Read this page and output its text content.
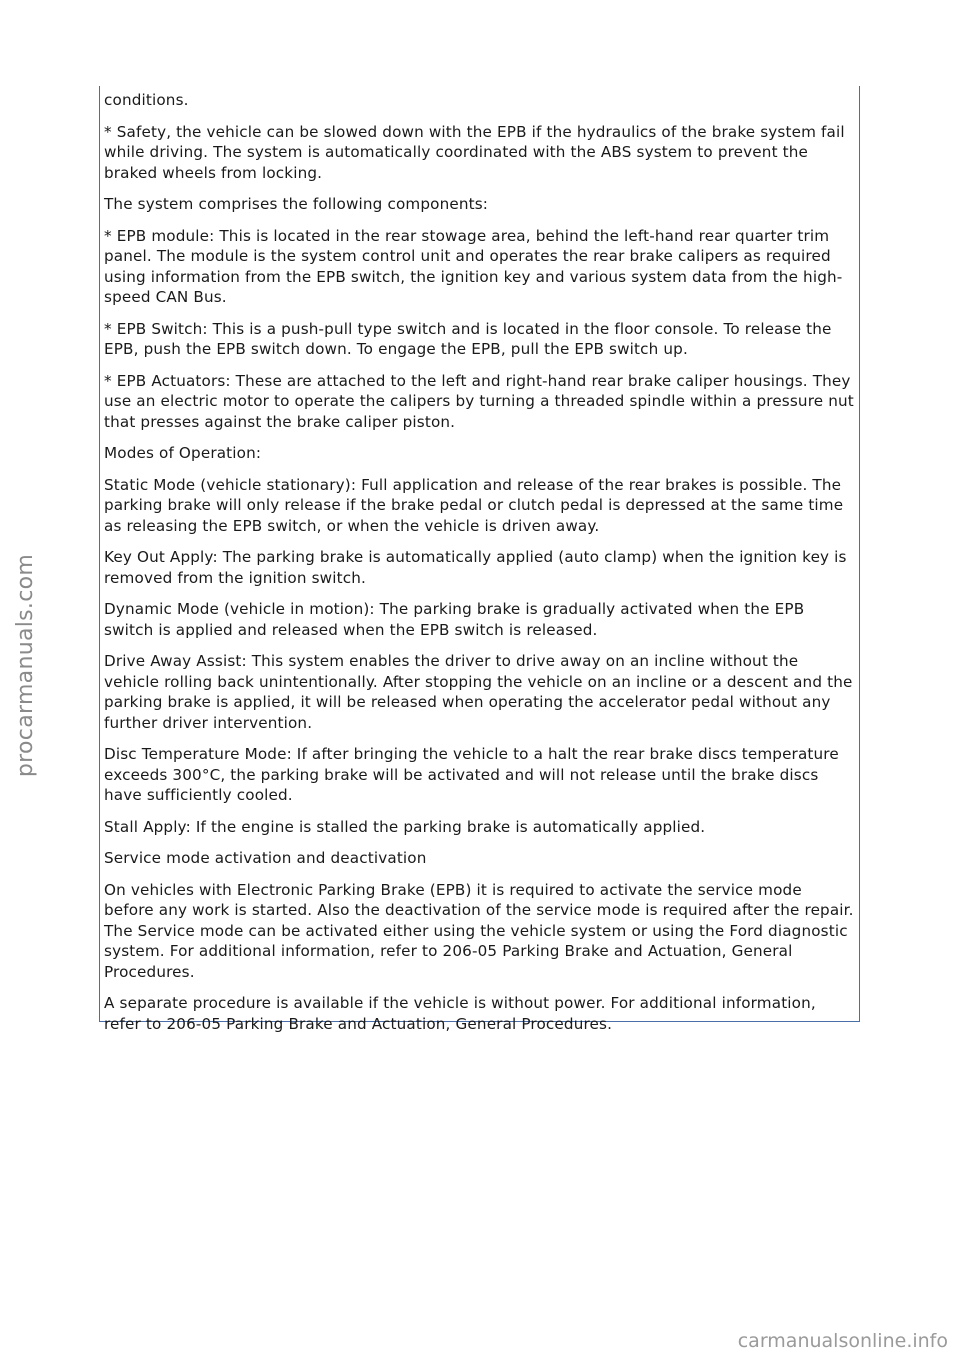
conditions.

* Safety, the vehicle can be slowed down with the EPB if the hydraulics of the brake system fail while driving. The system is automatically coordinated with the ABS system to prevent the braked wheels from locking.

The system comprises the following components:

* EPB module: This is located in the rear stowage area, behind the left-hand rear quarter trim panel. The module is the system control unit and operates the rear brake calipers as required using information from the EPB switch, the ignition key and various system data from the high-speed CAN Bus.

* EPB Switch: This is a push-pull type switch and is located in the floor console. To release the EPB, push the EPB switch down. To engage the EPB, pull the EPB switch up.

* EPB Actuators: These are attached to the left and right-hand rear brake caliper housings. They use an electric motor to operate the calipers by turning a threaded spindle within a pressure nut that presses against the brake caliper piston.

Modes of Operation:

Static Mode (vehicle stationary): Full application and release of the rear brakes is possible. The parking brake will only release if the brake pedal or clutch pedal is depressed at the same time as releasing the EPB switch, or when the vehicle is driven away.

Key Out Apply: The parking brake is automatically applied (auto clamp) when the ignition key is removed from the ignition switch.

Dynamic Mode (vehicle in motion): The parking brake is gradually activated when the EPB switch is applied and released when the EPB switch is released.

Drive Away Assist: This system enables the driver to drive away on an incline without the vehicle rolling back unintentionally. After stopping the vehicle on an incline or a descent and the parking brake is applied, it will be released when operating the accelerator pedal without any further driver intervention.

Disc Temperature Mode: If after bringing the vehicle to a halt the rear brake discs temperature exceeds 300°C, the parking brake will be activated and will not release until the brake discs have sufficiently cooled.

Stall Apply: If the engine is stalled the parking brake is automatically applied.

Service mode activation and deactivation

On vehicles with Electronic Parking Brake (EPB) it is required to activate the service mode before any work is started. Also the deactivation of the service mode is required after the repair. The Service mode can be activated either using the vehicle system or using the Ford diagnostic system. For additional information, refer to 206-05 Parking Brake and Actuation, General Procedures.

A separate procedure is available if the vehicle is without power. For additional information, refer to 206-05 Parking Brake and Actuation, General Procedures.

procarmanuals.com
carmanualsonline.info
